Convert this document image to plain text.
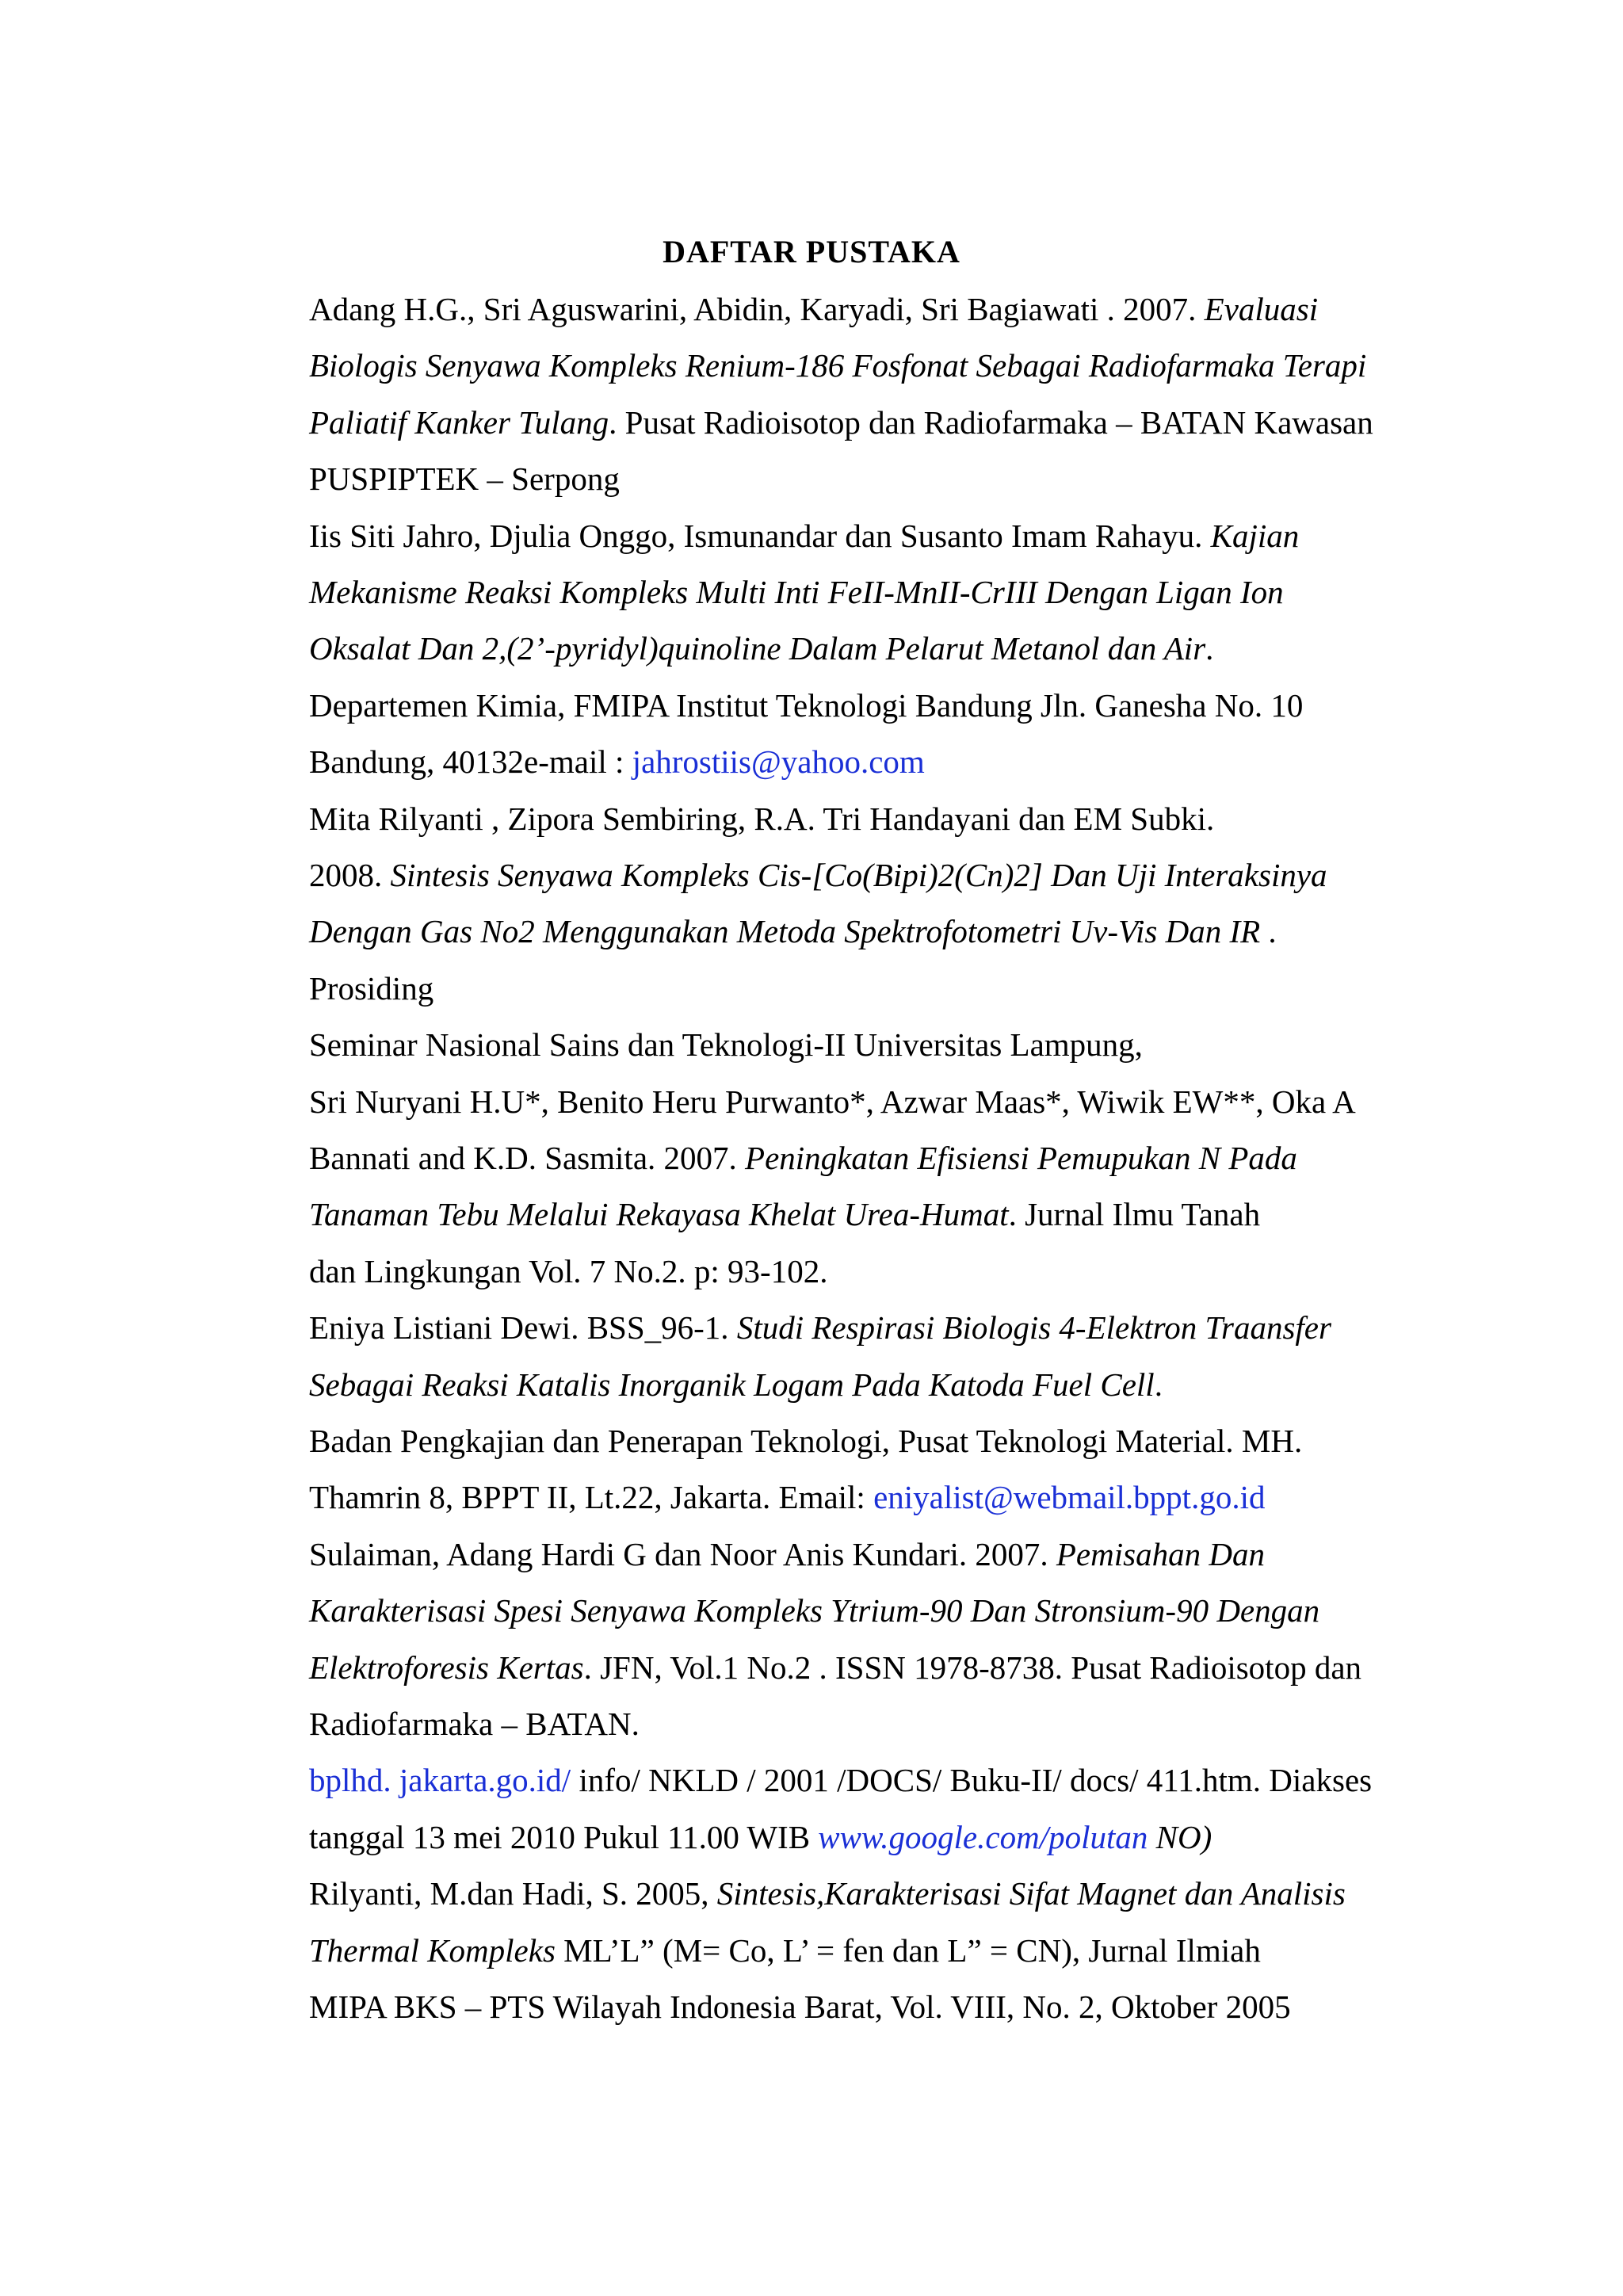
DAFTAR PUSTAKA
Adang H.G., Sri Aguswarini, Abidin, Karyadi, Sri Bagiawati . 2007. Evaluasi
Biologis Senyawa Kompleks Renium-186 Fosfonat Sebagai Radiofarmaka Terapi
Paliatif Kanker Tulang. Pusat Radioisotop dan Radiofarmaka – BATAN Kawasan
PUSPIPTEK – Serpong
Iis Siti Jahro, Djulia Onggo, Ismunandar dan Susanto Imam Rahayu. Kajian
Mekanisme Reaksi Kompleks Multi Inti FeII-MnII-CrIII Dengan Ligan Ion
Oksalat Dan 2,(2’-pyridyl)quinoline Dalam Pelarut Metanol dan Air.
Departemen Kimia, FMIPA Institut Teknologi Bandung Jln. Ganesha No. 10
Bandung, 40132e-mail : jahrostiis@yahoo.com
Mita Rilyanti , Zipora Sembiring, R.A. Tri Handayani dan EM Subki.
2008. Sintesis Senyawa Kompleks Cis-[Co(Bipi)2(Cn)2] Dan Uji Interaksinya
Dengan Gas No2 Menggunakan Metoda Spektrofotometri Uv-Vis Dan IR .
Prosiding
Seminar Nasional Sains dan Teknologi-II Universitas Lampung,
Sri Nuryani H.U*, Benito Heru Purwanto*, Azwar Maas*, Wiwik EW**, Oka A
Bannati and K.D. Sasmita. 2007. Peningkatan Efisiensi Pemupukan N Pada
Tanaman Tebu Melalui Rekayasa Khelat Urea-Humat. Jurnal Ilmu Tanah
dan Lingkungan Vol. 7 No.2. p: 93-102.
Eniya Listiani Dewi. BSS_96-1. Studi Respirasi Biologis 4-Elektron Traansfer
Sebagai Reaksi Katalis Inorganik Logam Pada Katoda Fuel Cell.
Badan Pengkajian dan Penerapan Teknologi, Pusat Teknologi Material. MH.
Thamrin 8, BPPT II, Lt.22, Jakarta. Email: eniyalist@webmail.bppt.go.id
Sulaiman, Adang Hardi G dan Noor Anis Kundari. 2007. Pemisahan Dan
Karakterisasi Spesi Senyawa Kompleks Ytrium-90 Dan Stronsium-90 Dengan
Elektroforesis Kertas. JFN, Vol.1 No.2 . ISSN 1978-8738. Pusat Radioisotop dan
Radiofarmaka – BATAN.
bplhd. jakarta.go.id/ info/ NKLD / 2001 /DOCS/ Buku-II/ docs/ 411.htm. Diakses
tanggal 13 mei 2010 Pukul 11.00 WIB www.google.com/polutan NO)
Rilyanti, M.dan Hadi, S. 2005, Sintesis,Karakterisasi Sifat Magnet dan Analisis
Thermal Kompleks ML’L” (M= Co, L’ = fen dan L” = CN), Jurnal Ilmiah
MIPA BKS – PTS Wilayah Indonesia Barat, Vol. VIII, No. 2, Oktober 2005
